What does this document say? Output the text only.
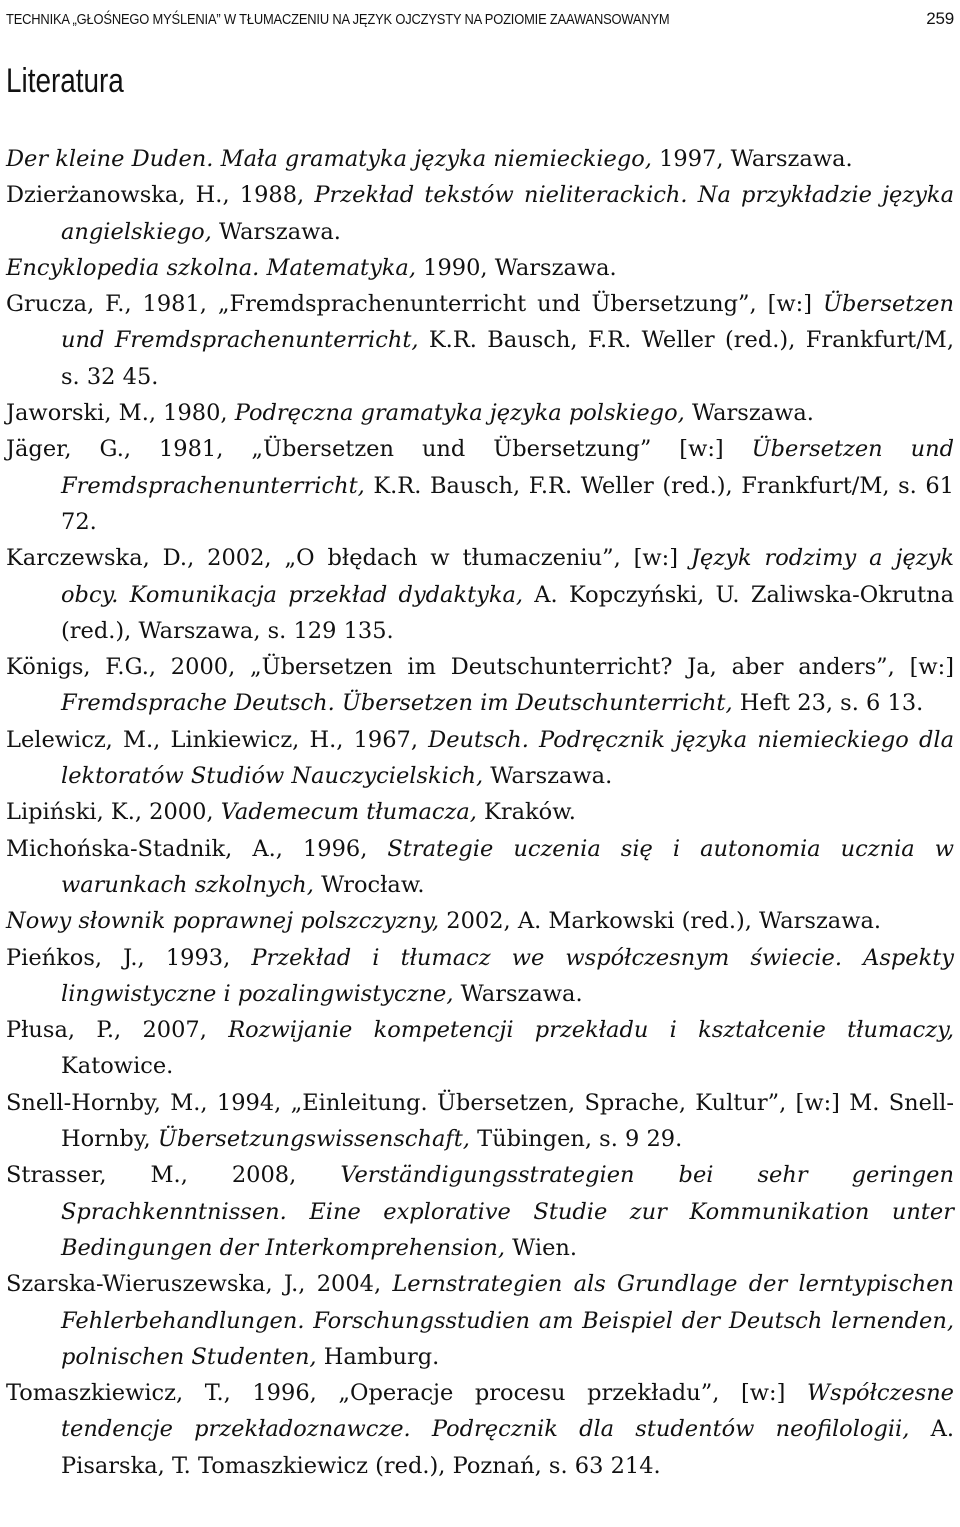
TECHNIKA „GŁOŚNEGO MYŚLENIA” W TŁUMACZENIU NA JĘZYK OJCZYSTY NA POZIOMIE ZAAWANSOWANYM	259
Literatura
Der kleine Duden. Mała gramatyka języka niemieckiego, 1997, Warszawa.
Dzierżanowska, H., 1988, Przekład tekstów nieliterackich. Na przykładzie języka angielskiego, Warszawa.
Encyklopedia szkolna. Matematyka, 1990, Warszawa.
Grucza, F., 1981, „Fremdsprachenunterricht und Übersetzung”, [w:] Übersetzen und Fremdsprachenunterricht, K.R. Bausch, F.R. Weller (red.), Frankfurt/M, s. 32 45.
Jaworski, M., 1980, Podręczna gramatyka języka polskiego, Warszawa.
Jäger, G., 1981, „Übersetzen und Übersetzung” [w:] Übersetzen und Fremdsprachenunterricht, K.R. Bausch, F.R. Weller (red.), Frankfurt/M, s. 61 72.
Karczewska, D., 2002, „O błędach w tłumaczeniu”, [w:] Język rodzimy a język obcy. Komunikacja przekład dydaktyka, A. Kopczyński, U. Zaliwska-Okrutna (red.), Warszawa, s. 129 135.
Königs, F.G., 2000, „Übersetzen im Deutschunterricht? Ja, aber anders”, [w:] Fremdsprache Deutsch. Übersetzen im Deutschunterricht, Heft 23, s. 6 13.
Lelewicz, M., Linkiewicz, H., 1967, Deutsch. Podręcznik języka niemieckiego dla lektoratów Studiów Nauczycielskich, Warszawa.
Lipiński, K., 2000, Vademecum tłumacza, Kraków.
Michońska-Stadnik, A., 1996, Strategie uczenia się i autonomia ucznia w warunkach szkolnych, Wrocław.
Nowy słownik poprawnej polszczyzny, 2002, A. Markowski (red.), Warszawa.
Pieńkos, J., 1993, Przekład i tłumacz we współczesnym świecie. Aspekty lingwistyczne i pozalingwistyczne, Warszawa.
Płusa, P., 2007, Rozwijanie kompetencji przekładu i kształcenie tłumaczy, Katowice.
Snell-Hornby, M., 1994, „Einleitung. Übersetzen, Sprache, Kultur”, [w:] M. Snell-Hornby, Übersetzungswissenschaft, Tübingen, s. 9 29.
Strasser, M., 2008, Verständigungsstrategien bei sehr geringen Sprachkenntnissen. Eine explorative Studie zur Kommunikation unter Bedingungen der Interkomprehension, Wien.
Szarska-Wieruszewska, J., 2004, Lernstrategien als Grundlage der lerntypischen Fehlerbehandlungen. Forschungsstudien am Beispiel der Deutsch lernenden, polnischen Studenten, Hamburg.
Tomaszkiewicz, T., 1996, „Operacje procesu przekładu”, [w:] Współczesne tendencje przekładoznawcze. Podręcznik dla studentów neofilologii, A. Pisarska, T. Tomaszkiewicz (red.), Poznań, s. 63 214.
